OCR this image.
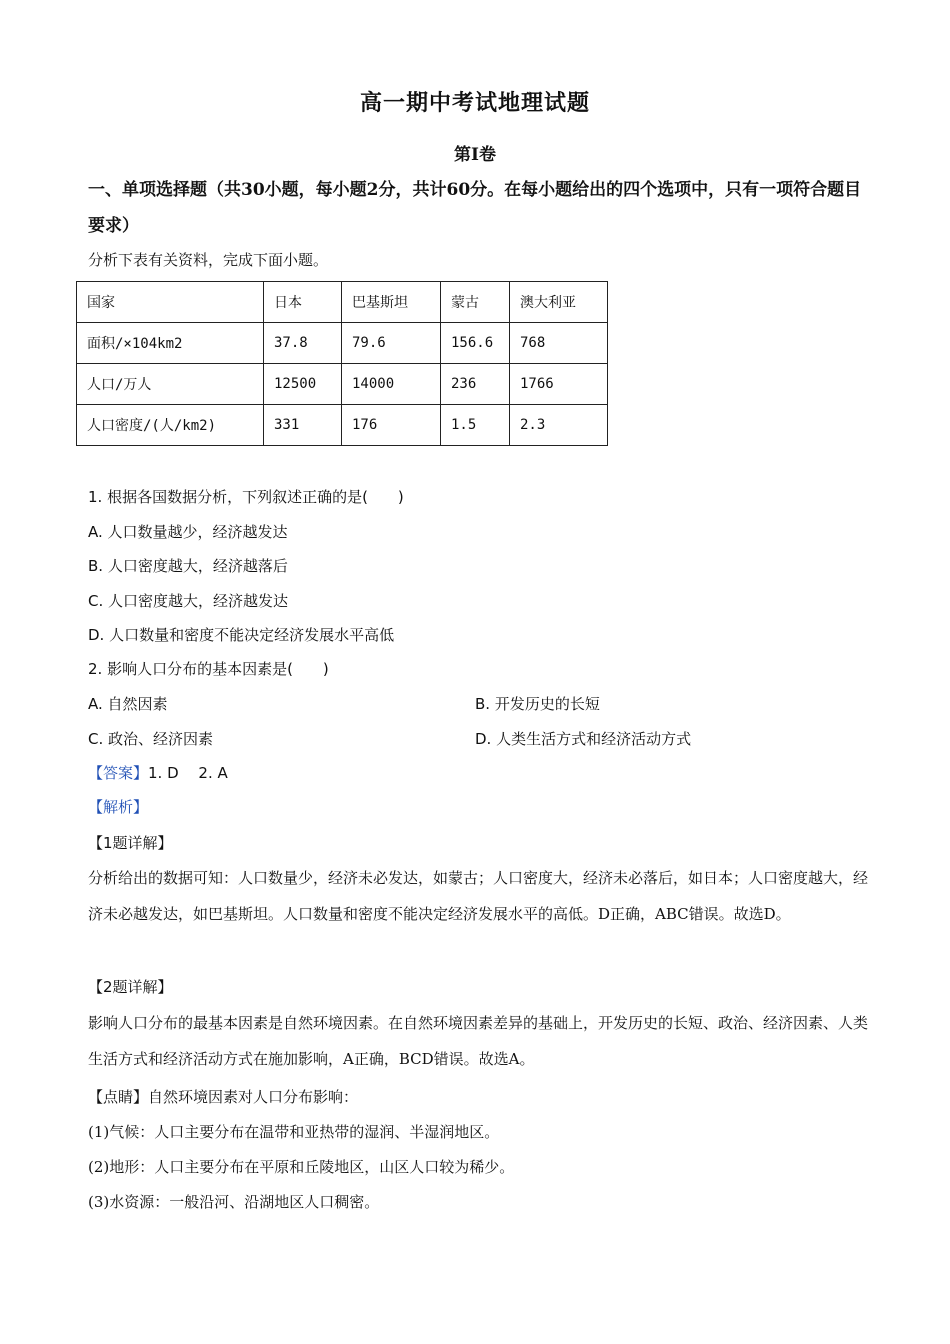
高一期中考试地理试题
第Ⅰ卷
一、单项选择题（共30小题，每小题2分，共计60分。在每小题给出的四个选项中，只有一项符合题目要求）
分析下表有关资料，完成下面小题。
国家	日本	巴基斯坦	蒙古	澳大利亚
面积/×104km2	37.8	79.6	156.6	768
人口/万人	12500	14000	236	1766
人口密度/(人/km2)	331	176	1.5	2.3
1. 根据各国数据分析，下列叙述正确的是(　　)
A. 人口数量越少，经济越发达
B. 人口密度越大，经济越落后
C. 人口密度越大，经济越发达
D. 人口数量和密度不能决定经济发展水平高低
2. 影响人口分布的基本因素是(　　)
A. 自然因素	B. 开发历史的长短
C. 政治、经济因素	D. 人类生活方式和经济活动方式
【答案】1. D　 2. A
【解析】
【1题详解】
分析给出的数据可知：人口数量少，经济未必发达，如蒙古；人口密度大，经济未必落后，如日本；人口密度越大，经济未必越发达，如巴基斯坦。人口数量和密度不能决定经济发展水平的高低。D正确，ABC错误。故选D。
【2题详解】
影响人口分布的最基本因素是自然环境因素。在自然环境因素差异的基础上，开发历史的长短、政治、经济因素、人类生活方式和经济活动方式在施加影响，A正确，BCD错误。故选A。
【点睛】自然环境因素对人口分布影响：
(1)气候：人口主要分布在温带和亚热带的湿润、半湿润地区。
(2)地形：人口主要分布在平原和丘陵地区，山区人口较为稀少。
(3)水资源：一般沿河、沿湖地区人口稠密。
